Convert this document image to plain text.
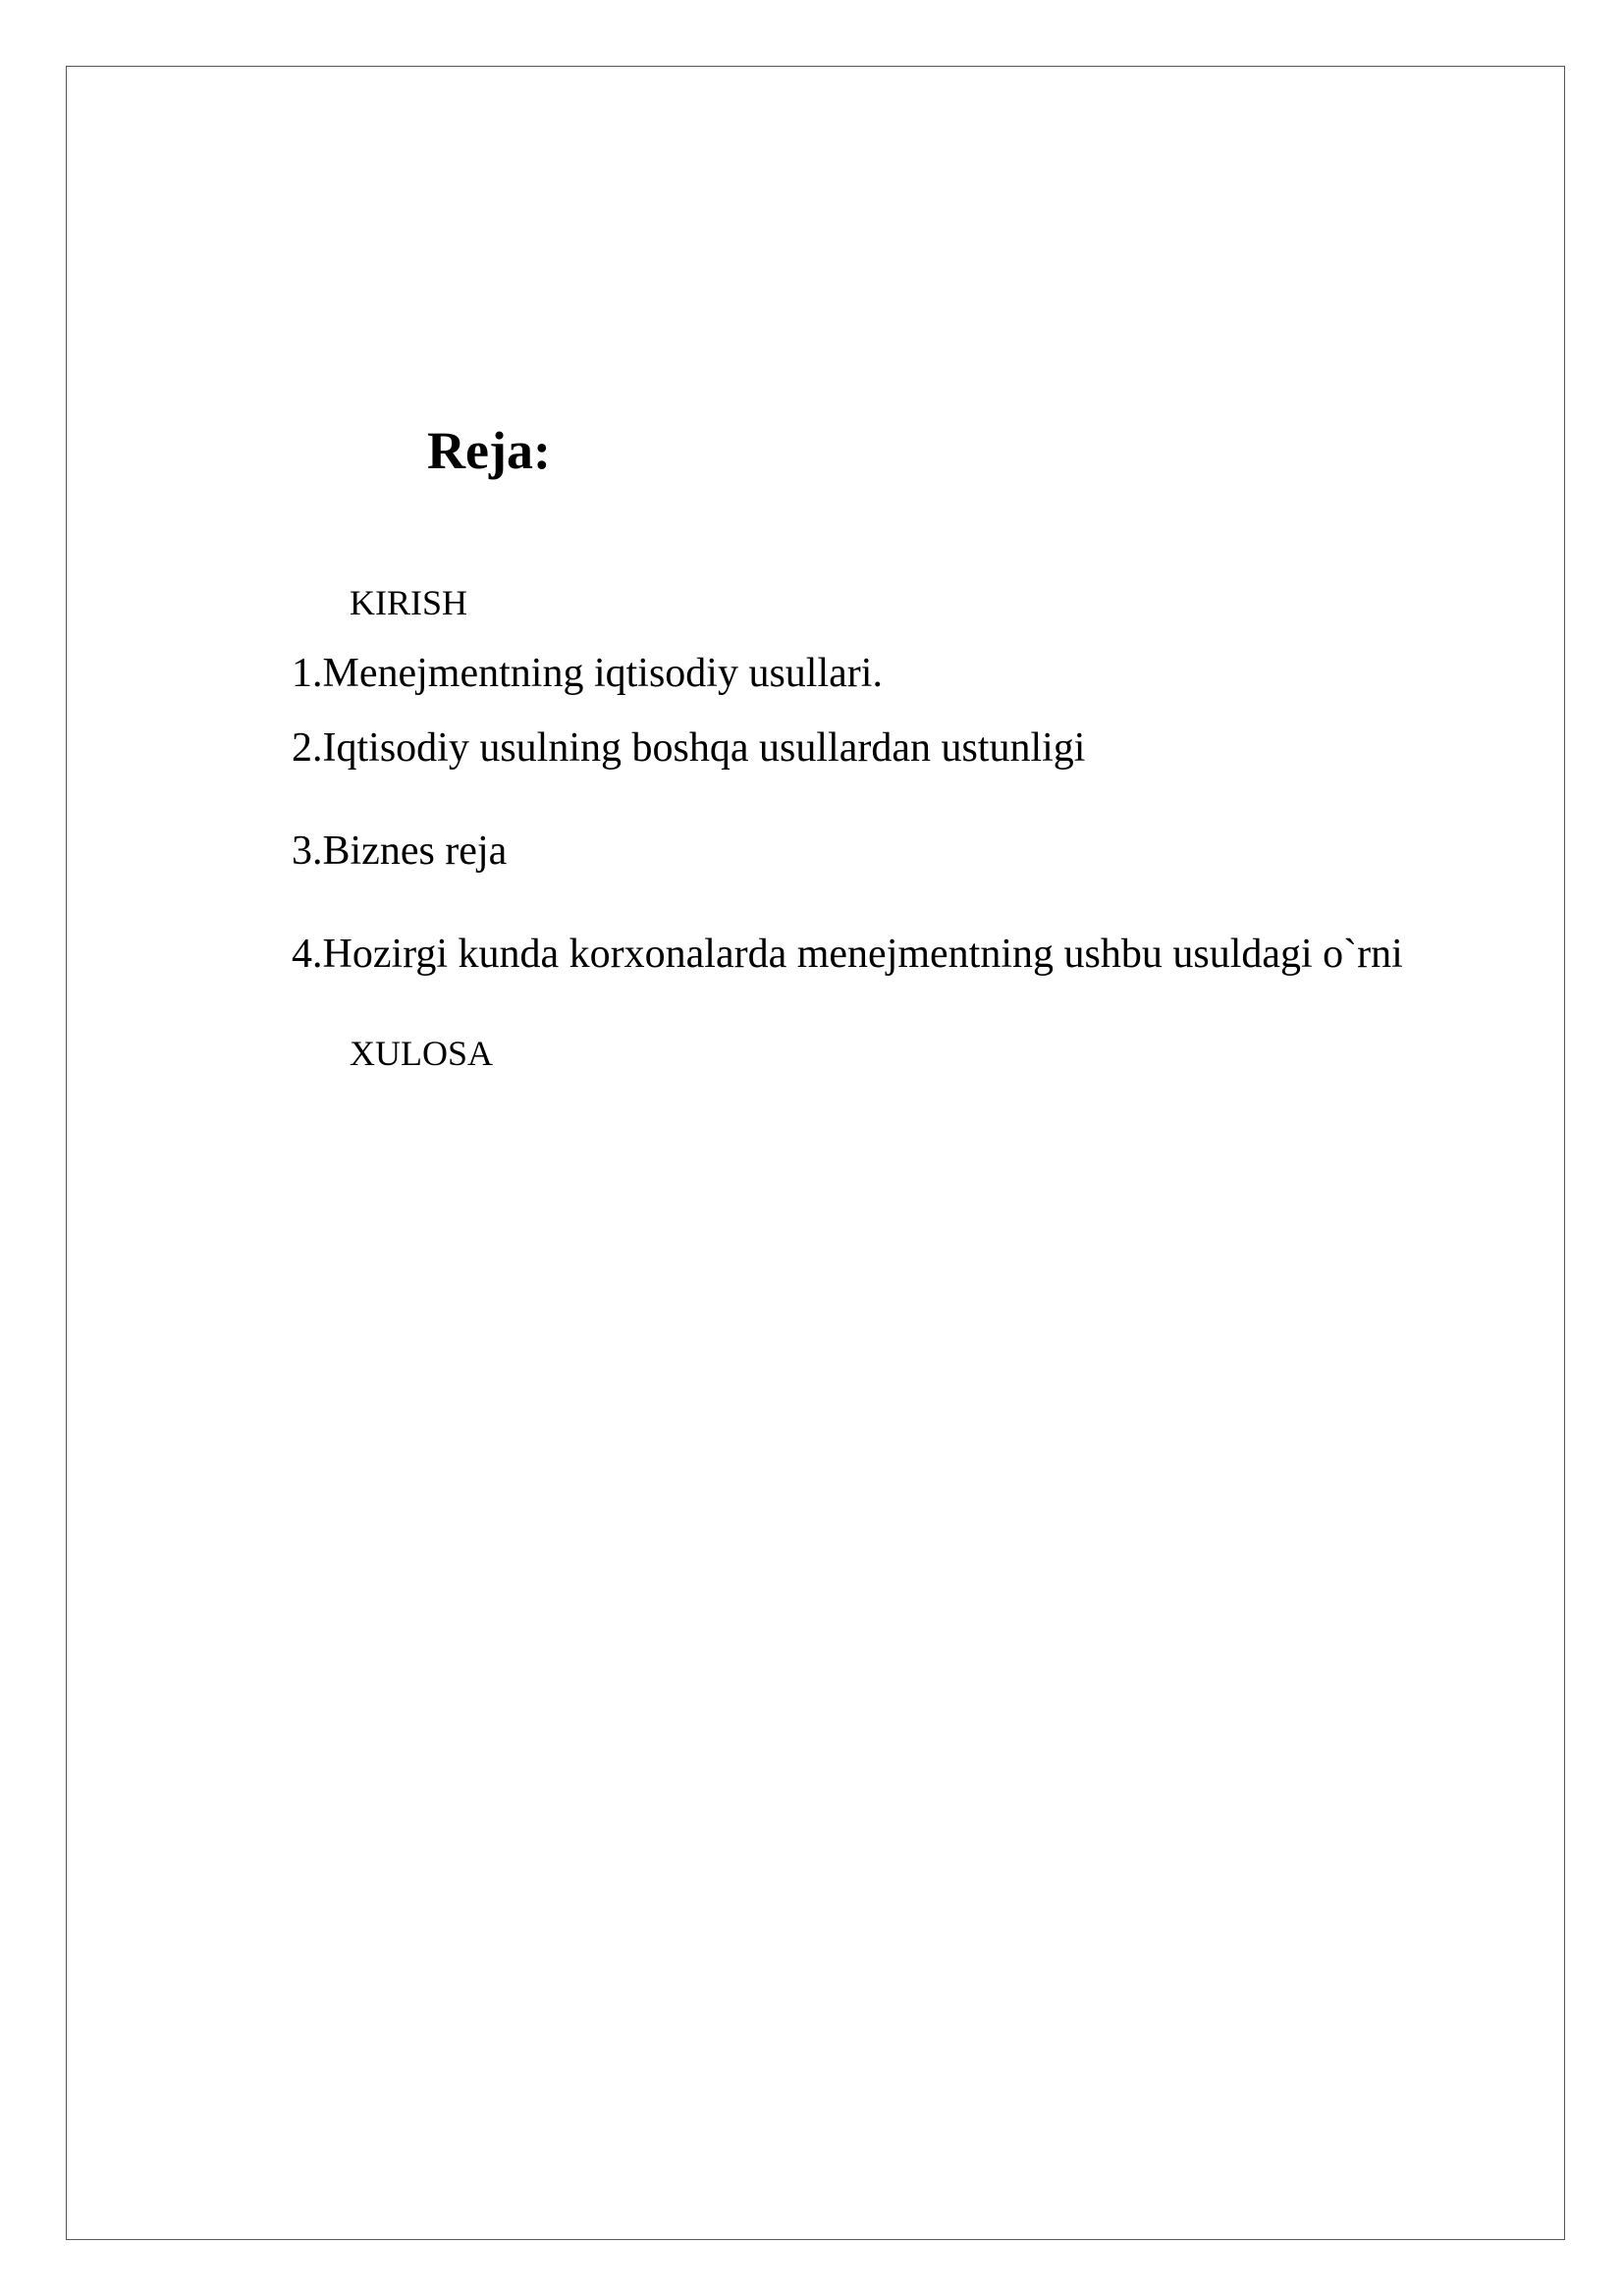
Reja:
KIRISH
1.Menejmentning iqtisodiy usullari.
2.Iqtisodiy usulning boshqa usullardan ustunligi
3.Biznes reja
4.Hozirgi kunda korxonalarda menejmentning ushbu usuldagi o`rni
XULOSA
